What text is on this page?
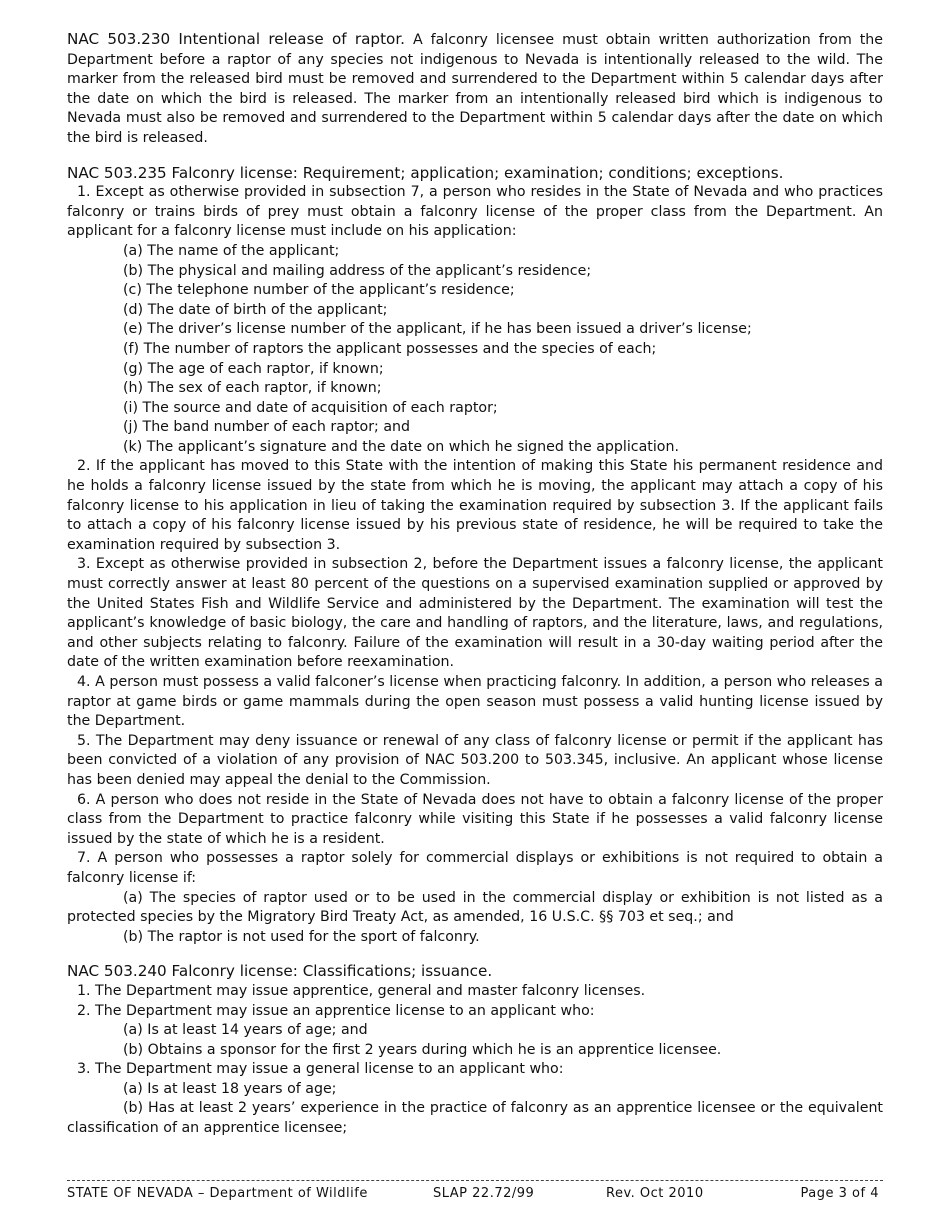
NAC 503.230 Intentional release of raptor. A falconry licensee must obtain written authorization from the Department before a raptor of any species not indigenous to Nevada is intentionally released to the wild. The marker from the released bird must be removed and surrendered to the Department within 5 calendar days after the date on which the bird is released. The marker from an intentionally released bird which is indigenous to Nevada must also be removed and surrendered to the Department within 5 calendar days after the date on which the bird is released.

NAC 503.235 Falconry license: Requirement; application; examination; conditions; exceptions.

1. Except as otherwise provided in subsection 7, a person who resides in the State of Nevada and who practices falconry or trains birds of prey must obtain a falconry license of the proper class from the Department. An applicant for a falconry license must include on his application:

(a) The name of the applicant;

(b) The physical and mailing address of the applicant’s residence;

(c) The telephone number of the applicant’s residence;

(d) The date of birth of the applicant;

(e) The driver’s license number of the applicant, if he has been issued a driver’s license;

(f) The number of raptors the applicant possesses and the species of each;

(g) The age of each raptor, if known;

(h) The sex of each raptor, if known;

(i) The source and date of acquisition of each raptor;

(j) The band number of each raptor; and

(k) The applicant’s signature and the date on which he signed the application.

2. If the applicant has moved to this State with the intention of making this State his permanent residence and he holds a falconry license issued by the state from which he is moving, the applicant may attach a copy of his falconry license to his application in lieu of taking the examination required by subsection 3. If the applicant fails to attach a copy of his falconry license issued by his previous state of residence, he will be required to take the examination required by subsection 3.

3. Except as otherwise provided in subsection 2, before the Department issues a falconry license, the applicant must correctly answer at least 80 percent of the questions on a supervised examination supplied or approved by the United States Fish and Wildlife Service and administered by the Department. The examination will test the applicant’s knowledge of basic biology, the care and handling of raptors, and the literature, laws, and regulations, and other subjects relating to falconry. Failure of the examination will result in a 30-day waiting period after the date of the written examination before reexamination.

4. A person must possess a valid falconer’s license when practicing falconry. In addition, a person who releases a raptor at game birds or game mammals during the open season must possess a valid hunting license issued by the Department.

5. The Department may deny issuance or renewal of any class of falconry license or permit if the applicant has been convicted of a violation of any provision of NAC 503.200 to 503.345, inclusive. An applicant whose license has been denied may appeal the denial to the Commission.

6. A person who does not reside in the State of Nevada does not have to obtain a falconry license of the proper class from the Department to practice falconry while visiting this State if he possesses a valid falconry license issued by the state of which he is a resident.

7. A person who possesses a raptor solely for commercial displays or exhibitions is not required to obtain a falconry license if:

(a) The species of raptor used or to be used in the commercial display or exhibition is not listed as a protected species by the Migratory Bird Treaty Act, as amended, 16 U.S.C. §§ 703 et seq.; and

(b) The raptor is not used for the sport of falconry.

NAC 503.240 Falconry license: Classifications; issuance.

1. The Department may issue apprentice, general and master falconry licenses.

2. The Department may issue an apprentice license to an applicant who:

(a) Is at least 14 years of age; and

(b) Obtains a sponsor for the first 2 years during which he is an apprentice licensee.

3. The Department may issue a general license to an applicant who:

(a) Is at least 18 years of age;

(b) Has at least 2 years’ experience in the practice of falconry as an apprentice licensee or the equivalent classification of an apprentice licensee;

STATE OF NEVADA – Department of Wildlife	SLAP 22.72/99	Rev. Oct 2010	Page 3 of 4
